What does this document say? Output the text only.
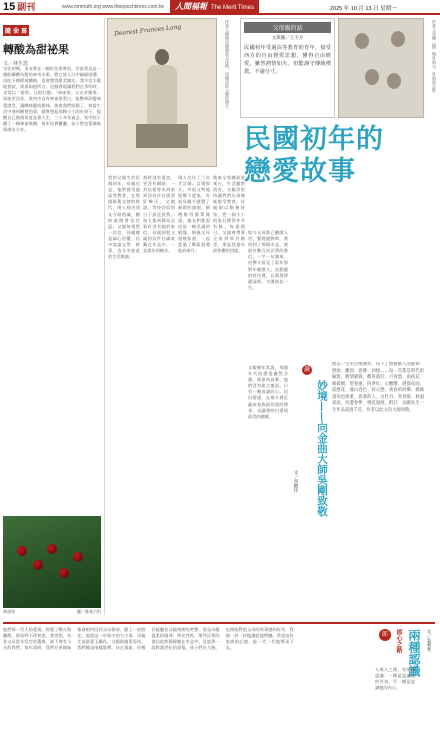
15 副刊	www.mmtruth.org www.theepochtimes.com.tw	人間福報 The Merit Times	2025 年 10 月 13 日 星期一
隨 ❀ 寫
轉酸為甜祕果
文／林生恩
交往初期，男友曾在一顆紅色果實前，告訴我這是一種能轉酸為甜的神奇水果。將它放入口中細細咀嚼，再吃下檸檬或酸梅，竟會覺得甜美無比。我半信半疑地嘗試，果真如他所言。這個發現讓我們在爭吵時，也常以「祕果」互相打趣。「神祕果」又名奇蹟果，原產於西非，果肉中含有神祕果蛋白，能暫時改變味蕾感受，讓酸味變成甜味。後來我們結婚了，每當生活中遇到酸楚的事，總會想起那顆小小的紅果子，提醒自己換個角度品嘗人生。三十多年過去，家中院子種了一棵神祕果樹，每年結實纍纍，孩子們也愛摘來與朋友分享。
神祕果	圖／維基百科
Dearest Frances Lang	作者父親與母親婚前交往時，母親送給父親的照片。	父母親的話
文與圖／王丕方
民國初年受過高等教育的青年，接受西方的自由戀愛思想，懂得自由戀愛，雖然熱情如火，但能謹守傳統禮教，不逾分寸。	作者父母親（後）與外祖父、外祖母合影。
民國初年的戀愛故事
我的父親生於民國初年，母親也是。他們都受過高等教育，在那個新舊交替的時代，兩人經由朋友介紹相識，隨即展開書信往返。父親每週寫一封信，母親總是細心回覆，信中談論文學、時事，也分享彼此的生活點滴。
那時沒有電話，更沒有網路，一封信從寄出到收到回音往往需要好幾天。父親說，等待回信的日子最是煎熬，每天都到郵局去看有沒有她的來信。母親則把父親的信件仔細收藏在木盒中，一直保存到晚年。
兩人交往了三年才訂婚。訂婚那天，外祖父特地從鄉下趕來，外祖母親手縫製了新娘的旗袍。婚禮辦得簡單隆重，親友們都說這是一樁美滿的姻緣。婚後父母相敬如賓，一起度過了戰亂與遷徙的歲月。
後來全家隨政府來台，生活雖然清苦，父親仍堅持讓我們兄弟姊妹都受教育。母親則以勤儉持家，把一個小小的家打理得井井有條。每逢假日，父親會帶著全家到郊外踏青，那是我童年最快樂的回憶。
如今父母都已離開人世，整理遺物時，我找到了那個木盒，裡面有數百封泛黃的書信。一字一句讀來，彷彿又看見了當年那對年輕戀人，在動盪的時代裡，以筆墨傳遞深情，守護彼此一生。
父親晚年常說，那個年代的戀愛雖然含蓄，卻最為真摯。他們沒有甜言蜜語，只有一顆真誠的心。這份情感，在歲月裡沉澱成家族最珍貴的傳承，也讓我明白愛情最美的模樣。
讀
妙境——向金曲大師吳剛致敬
文／李樹洋
他以一生的音樂創作，寫下了無數動人的旋律：戀曲、離別、思鄉、回憶……每一首都是時代的縮影。舊情綿綿、歡喜就好、月夜愁、雨夜花、補破網、望春風、四季紅、心酸酸、港都夜雨、孤戀花、滿山春色、碎心戀、黃昏的故鄉、媽媽請你也保重、思慕的人、白牡丹、青春嶺、秋風夜雨、河邊春夢、桃花過渡。附註：吳剛先生一生作品超過千首，作者以此文向大師致敬。
他們那一代人的愛情，經歷了戰火與離散，卻始終不改初衷。我常想，若非父母當年堅定的選擇，就不會有今天的我們。每年清明，我們兄弟姊妹都會相約回到父母墓前，獻上一束鮮花，說說這一年家中的大小事。母親生前最愛玉蘭花，父親則偏愛菊花，我們總是兩樣都帶。站在墓前，彷彿仍能聽見父親爽朗的笑聲，看見母親溫柔的眼神。時光荏苒，那些泛黃的書信依然靜靜躺在木盒中，見證著一段跨越世紀的深情。孩子們長大後，也開始對祖父母的故事感到好奇，我便一封一封地讀給他們聽。希望這份家族的記憶，能一代一代地傳承下去。
郎	郎心之路 兩種認識	文／吳利秀
人與人之間，有兩種認識：一種是認識他的外表，另一種是認識他的內心。
